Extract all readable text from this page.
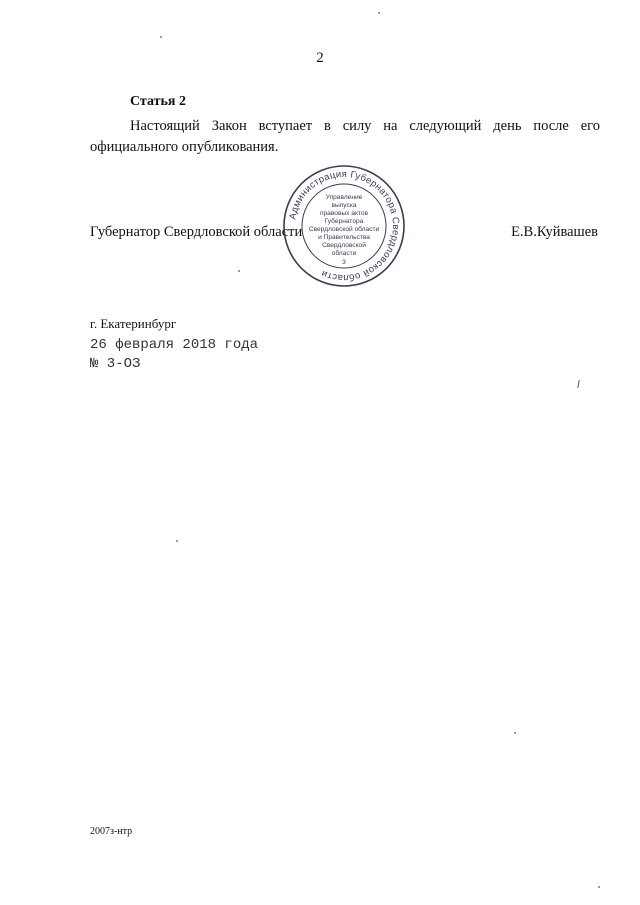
2
Статья 2
Настоящий Закон вступает в силу на следующий день после его официального опубликования.
Губернатор Свердловской области	Е.В.Куйвашев
Администрация Губернатора Свердловской области
Управление
выпуска
правовых актов
Губернатора
Свердловской области
и Правительства
Свердловской
области
3
г. Екатеринбург
26 февраля 2018 года
№ 3-ОЗ
2007з-нтр
